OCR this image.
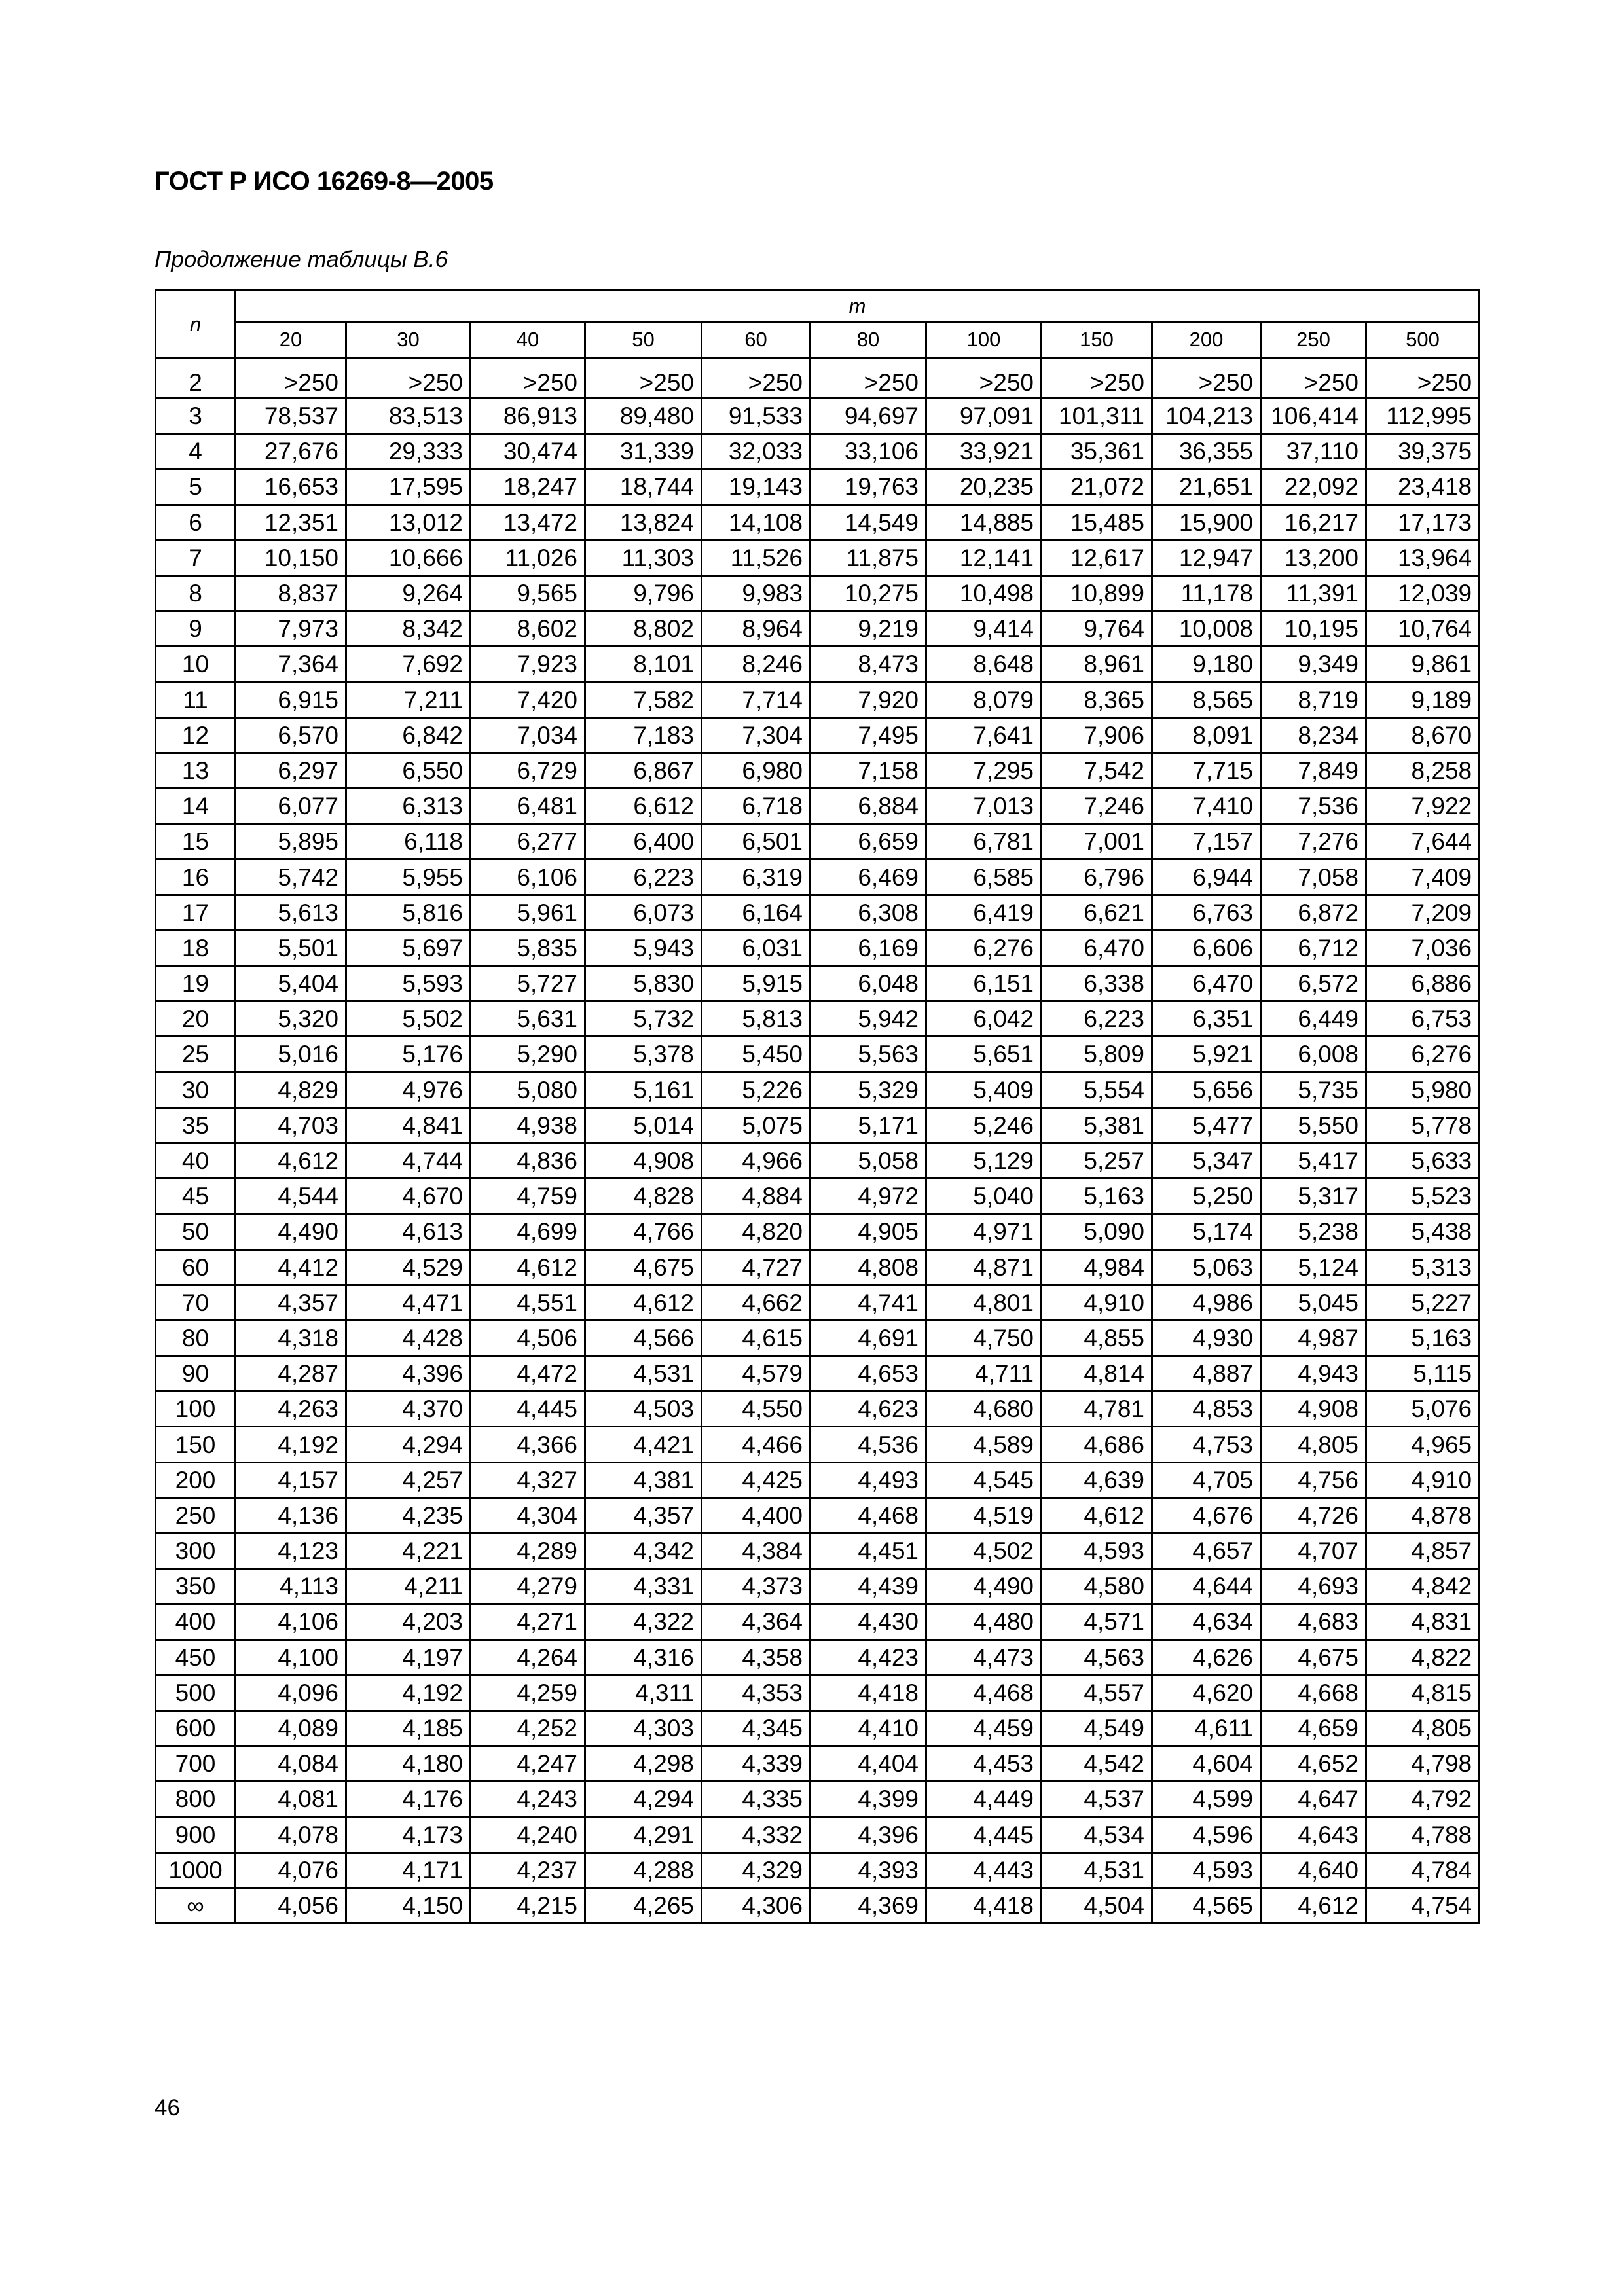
ГОСТ Р ИСО 16269-8—2005
Продолжение таблицы В.6
n	m										
	20	30	40	50	60	80	100	150	200	250	500
2	>250	>250	>250	>250	>250	>250	>250	>250	>250	>250	>250
3	78,537	83,513	86,913	89,480	91,533	94,697	97,091	101,311	104,213	106,414	112,995
4	27,676	29,333	30,474	31,339	32,033	33,106	33,921	35,361	36,355	37,110	39,375
5	16,653	17,595	18,247	18,744	19,143	19,763	20,235	21,072	21,651	22,092	23,418
6	12,351	13,012	13,472	13,824	14,108	14,549	14,885	15,485	15,900	16,217	17,173
7	10,150	10,666	11,026	11,303	11,526	11,875	12,141	12,617	12,947	13,200	13,964
8	8,837	9,264	9,565	9,796	9,983	10,275	10,498	10,899	11,178	11,391	12,039
9	7,973	8,342	8,602	8,802	8,964	9,219	9,414	9,764	10,008	10,195	10,764
10	7,364	7,692	7,923	8,101	8,246	8,473	8,648	8,961	9,180	9,349	9,861
11	6,915	7,211	7,420	7,582	7,714	7,920	8,079	8,365	8,565	8,719	9,189
12	6,570	6,842	7,034	7,183	7,304	7,495	7,641	7,906	8,091	8,234	8,670
13	6,297	6,550	6,729	6,867	6,980	7,158	7,295	7,542	7,715	7,849	8,258
14	6,077	6,313	6,481	6,612	6,718	6,884	7,013	7,246	7,410	7,536	7,922
15	5,895	6,118	6,277	6,400	6,501	6,659	6,781	7,001	7,157	7,276	7,644
16	5,742	5,955	6,106	6,223	6,319	6,469	6,585	6,796	6,944	7,058	7,409
17	5,613	5,816	5,961	6,073	6,164	6,308	6,419	6,621	6,763	6,872	7,209
18	5,501	5,697	5,835	5,943	6,031	6,169	6,276	6,470	6,606	6,712	7,036
19	5,404	5,593	5,727	5,830	5,915	6,048	6,151	6,338	6,470	6,572	6,886
20	5,320	5,502	5,631	5,732	5,813	5,942	6,042	6,223	6,351	6,449	6,753
25	5,016	5,176	5,290	5,378	5,450	5,563	5,651	5,809	5,921	6,008	6,276
30	4,829	4,976	5,080	5,161	5,226	5,329	5,409	5,554	5,656	5,735	5,980
35	4,703	4,841	4,938	5,014	5,075	5,171	5,246	5,381	5,477	5,550	5,778
40	4,612	4,744	4,836	4,908	4,966	5,058	5,129	5,257	5,347	5,417	5,633
45	4,544	4,670	4,759	4,828	4,884	4,972	5,040	5,163	5,250	5,317	5,523
50	4,490	4,613	4,699	4,766	4,820	4,905	4,971	5,090	5,174	5,238	5,438
60	4,412	4,529	4,612	4,675	4,727	4,808	4,871	4,984	5,063	5,124	5,313
70	4,357	4,471	4,551	4,612	4,662	4,741	4,801	4,910	4,986	5,045	5,227
80	4,318	4,428	4,506	4,566	4,615	4,691	4,750	4,855	4,930	4,987	5,163
90	4,287	4,396	4,472	4,531	4,579	4,653	4,711	4,814	4,887	4,943	5,115
100	4,263	4,370	4,445	4,503	4,550	4,623	4,680	4,781	4,853	4,908	5,076
150	4,192	4,294	4,366	4,421	4,466	4,536	4,589	4,686	4,753	4,805	4,965
200	4,157	4,257	4,327	4,381	4,425	4,493	4,545	4,639	4,705	4,756	4,910
250	4,136	4,235	4,304	4,357	4,400	4,468	4,519	4,612	4,676	4,726	4,878
300	4,123	4,221	4,289	4,342	4,384	4,451	4,502	4,593	4,657	4,707	4,857
350	4,113	4,211	4,279	4,331	4,373	4,439	4,490	4,580	4,644	4,693	4,842
400	4,106	4,203	4,271	4,322	4,364	4,430	4,480	4,571	4,634	4,683	4,831
450	4,100	4,197	4,264	4,316	4,358	4,423	4,473	4,563	4,626	4,675	4,822
500	4,096	4,192	4,259	4,311	4,353	4,418	4,468	4,557	4,620	4,668	4,815
600	4,089	4,185	4,252	4,303	4,345	4,410	4,459	4,549	4,611	4,659	4,805
700	4,084	4,180	4,247	4,298	4,339	4,404	4,453	4,542	4,604	4,652	4,798
800	4,081	4,176	4,243	4,294	4,335	4,399	4,449	4,537	4,599	4,647	4,792
900	4,078	4,173	4,240	4,291	4,332	4,396	4,445	4,534	4,596	4,643	4,788
1000	4,076	4,171	4,237	4,288	4,329	4,393	4,443	4,531	4,593	4,640	4,784
∞	4,056	4,150	4,215	4,265	4,306	4,369	4,418	4,504	4,565	4,612	4,754
46
